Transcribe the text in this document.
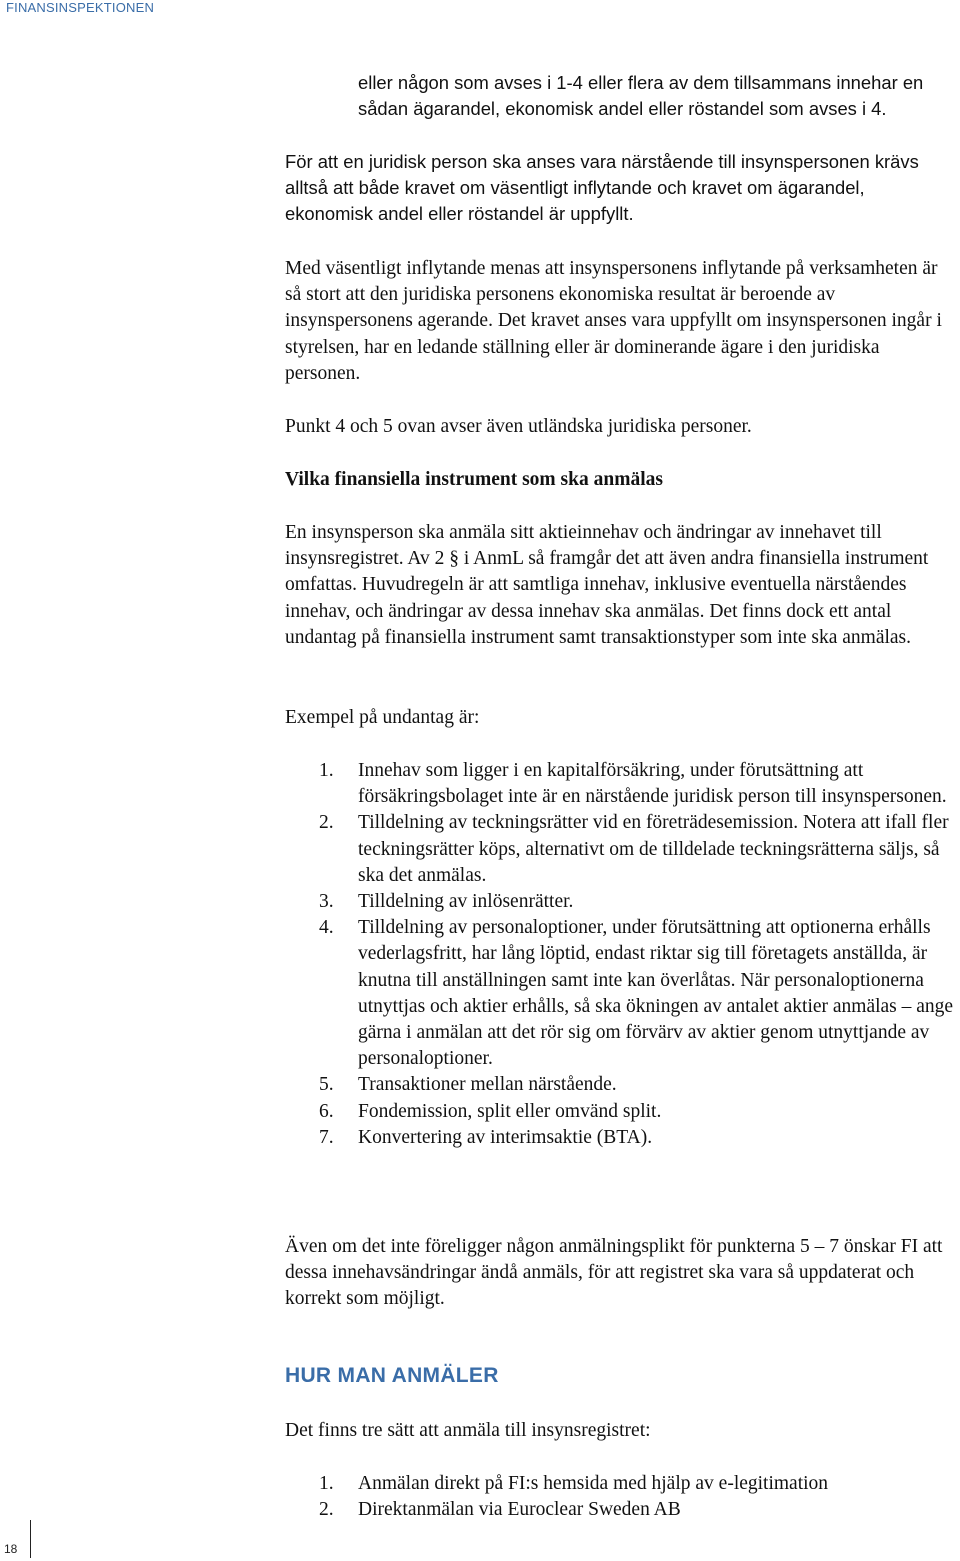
FINANSINSPEKTIONEN

eller någon som avses i 1-4 eller flera av dem tillsammans innehar en sådan ägarandel, ekonomisk andel eller röstandel som avses i 4.

För att en juridisk person ska anses vara närstående till insynspersonen krävs alltså att både kravet om väsentligt inflytande och kravet om ägarandel, ekonomisk andel eller röstandel är uppfyllt.

Med väsentligt inflytande menas att insynspersonens inflytande på verksamheten är så stort att den juridiska personens ekonomiska resultat är beroende av insynspersonens agerande. Det kravet anses vara uppfyllt om insynspersonen ingår i styrelsen, har en ledande ställning eller är dominerande ägare i den juridiska personen.

Punkt 4 och 5 ovan avser även utländska juridiska personer.

Vilka finansiella instrument som ska anmälas

En insynsperson ska anmäla sitt aktieinnehav och ändringar av innehavet till insynsregistret. Av 2 § i AnmL så framgår det att även andra finansiella instrument omfattas. Huvudregeln är att samtliga innehav, inklusive eventuella närståendes innehav, och ändringar av dessa innehav ska anmälas. Det finns dock ett antal undantag på finansiella instrument samt transaktionstyper som inte ska anmälas.

Exempel på undantag är:

1. Innehav som ligger i en kapitalförsäkring, under förutsättning att försäkringsbolaget inte är en närstående juridisk person till insynspersonen.
2. Tilldelning av teckningsrätter vid en företrädesemission. Notera att ifall fler teckningsrätter köps, alternativt om de tilldelade teckningsrätterna säljs, så ska det anmälas.
3. Tilldelning av inlösenrätter.
4. Tilldelning av personaloptioner, under förutsättning att optionerna erhålls vederlagsfritt, har lång löptid, endast riktar sig till företagets anställda, är knutna till anställningen samt inte kan överlåtas. När personaloptionerna utnyttjas och aktier erhålls, så ska ökningen av antalet aktier anmälas – ange gärna i anmälan att det rör sig om förvärv av aktier genom utnyttjande av personaloptioner.
5. Transaktioner mellan närstående.
6. Fondemission, split eller omvänd split.
7. Konvertering av interimsaktie (BTA).

Även om det inte föreligger någon anmälningsplikt för punkterna 5 – 7 önskar FI att dessa innehavsändringar ändå anmäls, för att registret ska vara så uppdaterat och korrekt som möjligt.

HUR MAN ANMÄLER

Det finns tre sätt att anmäla till insynsregistret:

1. Anmälan direkt på FI:s hemsida med hjälp av e-legitimation
2. Direktanmälan via Euroclear Sweden AB
18
